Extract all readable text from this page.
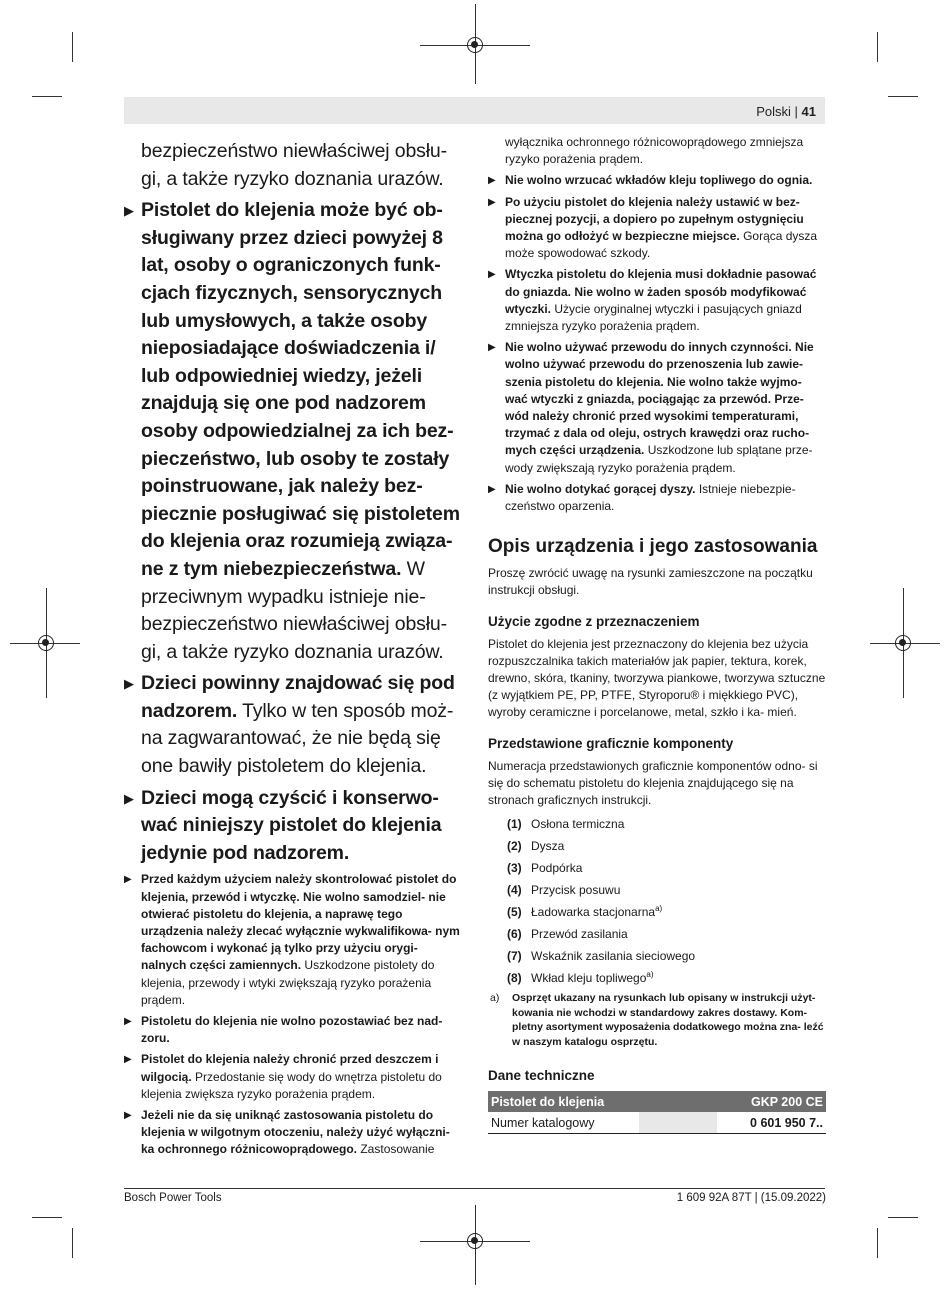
Polski | 41

bezpieczeństwo niewłaściwej obsłu- gi, a także ryzyko doznania urazów.

▶ Pistolet do klejenia może być ob- sługiwany przez dzieci powyżej 8 lat, osoby o ograniczonych funk- cjach fizycznych, sensorycznych lub umysłowych, a także osoby nieposiadające doświadczenia i/ lub odpowiedniej wiedzy, jeżeli znajdują się one pod nadzorem osoby odpowiedzialnej za ich bez- pieczeństwo, lub osoby te zostały poinstruowane, jak należy bez- piecznie posługiwać się pistoletem do klejenia oraz rozumieją związa- ne z tym niebezpieczeństwa. W przeciwnym wypadku istnieje nie- bezpieczeństwo niewłaściwej obsłu- gi, a także ryzyko doznania urazów.

▶ Dzieci powinny znajdować się pod nadzorem. Tylko w ten sposób moż- na zagwarantować, że nie będą się one bawiły pistoletem do klejenia.

▶ Dzieci mogą czyścić i konserwo- wać niniejszy pistolet do klejenia jedynie pod nadzorem.

▶ Przed każdym użyciem należy skontrolować pistolet do klejenia, przewód i wtyczkę. Nie wolno samodziel- nie otwierać pistoletu do klejenia, a naprawę tego urządzenia należy zlecać wyłącznie wykwalifikowa- nym fachowcom i wykonać ją tylko przy użyciu orygi- nalnych części zamiennych. Uszkodzone pistolety do klejenia, przewody i wtyki zwiększają ryzyko porażenia prądem.

▶ Pistoletu do klejenia nie wolno pozostawiać bez nad- zoru.

▶ Pistolet do klejenia należy chronić przed deszczem i wilgocią. Przedostanie się wody do wnętrza pistoletu do klejenia zwiększa ryzyko porażenia prądem.

▶ Jeżeli nie da się uniknąć zastosowania pistoletu do klejenia w wilgotnym otoczeniu, należy użyć wyłączni- ka ochronnego różnicowoprądowego. Zastosowanie

wyłącznika ochronnego różnicowoprądowego zmniejsza ryzyko porażenia prądem.

▶ Nie wolno wrzucać wkładów kleju topliwego do ognia.

▶ Po użyciu pistolet do klejenia należy ustawić w bez- piecznej pozycji, a dopiero po zupełnym ostygnięciu można go odłożyć w bezpieczne miejsce. Gorąca dysza może spowodować szkody.

▶ Wtyczka pistoletu do klejenia musi dokładnie pasować do gniazda. Nie wolno w żaden sposób modyfikować wtyczki. Użycie oryginalnej wtyczki i pasujących gniazd zmniejsza ryzyko porażenia prądem.

▶ Nie wolno używać przewodu do innych czynności. Nie wolno używać przewodu do przenoszenia lub zawie- szenia pistoletu do klejenia. Nie wolno także wyjmo- wać wtyczki z gniazda, pociągając za przewód. Prze- wód należy chronić przed wysokimi temperaturami, trzymać z dala od oleju, ostrych krawędzi oraz rucho- mych części urządzenia. Uszkodzone lub splątane prze- wody zwiększają ryzyko porażenia prądem.

▶ Nie wolno dotykać gorącej dyszy. Istnieje niebezpie- czeństwo oparzenia.

Opis urządzenia i jego zastosowania

Proszę zwrócić uwagę na rysunki zamieszczone na początku instrukcji obsługi.

Użycie zgodne z przeznaczeniem

Pistolet do klejenia jest przeznaczony do klejenia bez użycia rozpuszczalnika takich materiałów jak papier, tektura, korek, drewno, skóra, tkaniny, tworzywa piankowe, tworzywa sztuczne (z wyjątkiem PE, PP, PTFE, Styroporu® i miękkiego PVC), wyroby ceramiczne i porcelanowe, metal, szkło i ka- mień.

Przedstawione graficznie komponenty

Numeracja przedstawionych graficznie komponentów odno- si się do schematu pistoletu do klejenia znajdującego się na stronach graficznych instrukcji.

(1) Osłona termiczna
(2) Dysza
(3) Podpórka
(4) Przycisk posuwu
(5) Ładowarka stacjonarna$^{a)}$
(6) Przewód zasilania
(7) Wskaźnik zasilania sieciowego
(8) Wkład kleju topliwego$^{a)}$

a) Osprzęt ukazany na rysunkach lub opisany w instrukcji użyt- kowania nie wchodzi w standardowy zakres dostawy. Kom- pletny asortyment wyposażenia dodatkowego można zna- leźć w naszym katalogu osprzętu.

Dane techniczne
Pistolet do klejenia		GKP 200 CE
Numer katalogowy		0 601 950 7..
Bosch Power Tools	1 609 92A 87T | (15.09.2022)
